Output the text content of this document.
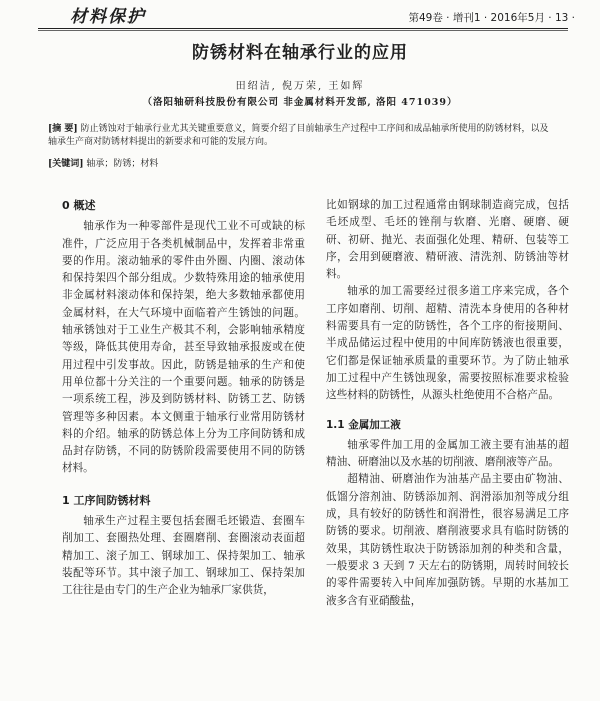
材料保护	第49卷 · 增刊1 · 2016年5月 · 13 ·
防锈材料在轴承行业的应用
田绍洁, 倪万荣, 王如辉
（洛阳轴研科技股份有限公司 非金属材料开发部, 洛阳 471039）
[摘 要] 防止锈蚀对于轴承行业尤其关键重要意义，简要介绍了目前轴承生产过程中工序间和成品轴承所使用的防锈材料，以及轴承生产商对防锈材料提出的新要求和可能的发展方向。
[关键词] 轴承；防锈；材料
0 概述

轴承作为一种零部件是现代工业不可或缺的标准件，广泛应用于各类机械制品中，发挥着非常重要的作用。滚动轴承的零件由外圈、内圈、滚动体和保持架四个部分组成。少数特殊用途的轴承使用非金属材料滚动体和保持架，绝大多数轴承都使用金属材料，在大气环境中面临着产生锈蚀的问题。轴承锈蚀对于工业生产极其不利，会影响轴承精度等级，降低其使用寿命，甚至导致轴承报废或在使用过程中引发事故。因此，防锈是轴承的生产和使用单位都十分关注的一个重要问题。轴承的防锈是一项系统工程，涉及到防锈材料、防锈工艺、防锈管理等多种因素。本文侧重于轴承行业常用防锈材料的介绍。轴承的防锈总体上分为工序间防锈和成品封存防锈，不同的防锈阶段需要使用不同的防锈材料。

1 工序间防锈材料

轴承生产过程主要包括套圈毛坯锻造、套圈车削加工、套圈热处理、套圈磨削、套圈滚动表面超精加工、滚子加工、钢球加工、保持架加工、轴承装配等环节。其中滚子加工、钢球加工、保持架加工往往是由专门的生产企业为轴承厂家供货，

比如钢球的加工过程通常由钢球制造商完成，包括毛坯成型、毛坯的锉削与软磨、光磨、硬磨、硬研、初研、抛光、表面强化处理、精研、包装等工序，会用到硬磨液、精研液、清洗剂、防锈油等材料。

轴承的加工需要经过很多道工序来完成，各个工序如磨削、切削、超精、清洗本身使用的各种材料需要具有一定的防锈性，各个工序的衔接期间、半成品储运过程中使用的中间库防锈液也很重要，它们都是保证轴承质量的重要环节。为了防止轴承加工过程中产生锈蚀现象，需要按照标准要求检验这些材料的防锈性，从源头杜绝使用不合格产品。

1.1 金属加工液

轴承零件加工用的金属加工液主要有油基的超精油、研磨油以及水基的切削液、磨削液等产品。

超精油、研磨油作为油基产品主要由矿物油、低馏分溶剂油、防锈添加剂、润滑添加剂等成分组成，具有较好的防锈性和润滑性，很容易满足工序防锈的要求。切削液、磨削液要求具有临时防锈的效果，其防锈性取决于防锈添加剂的种类和含量，一般要求 3 天到 7 天左右的防锈期，周转时间较长的零件需要转入中间库加强防锈。早期的水基加工液多含有亚硝酸盐，
